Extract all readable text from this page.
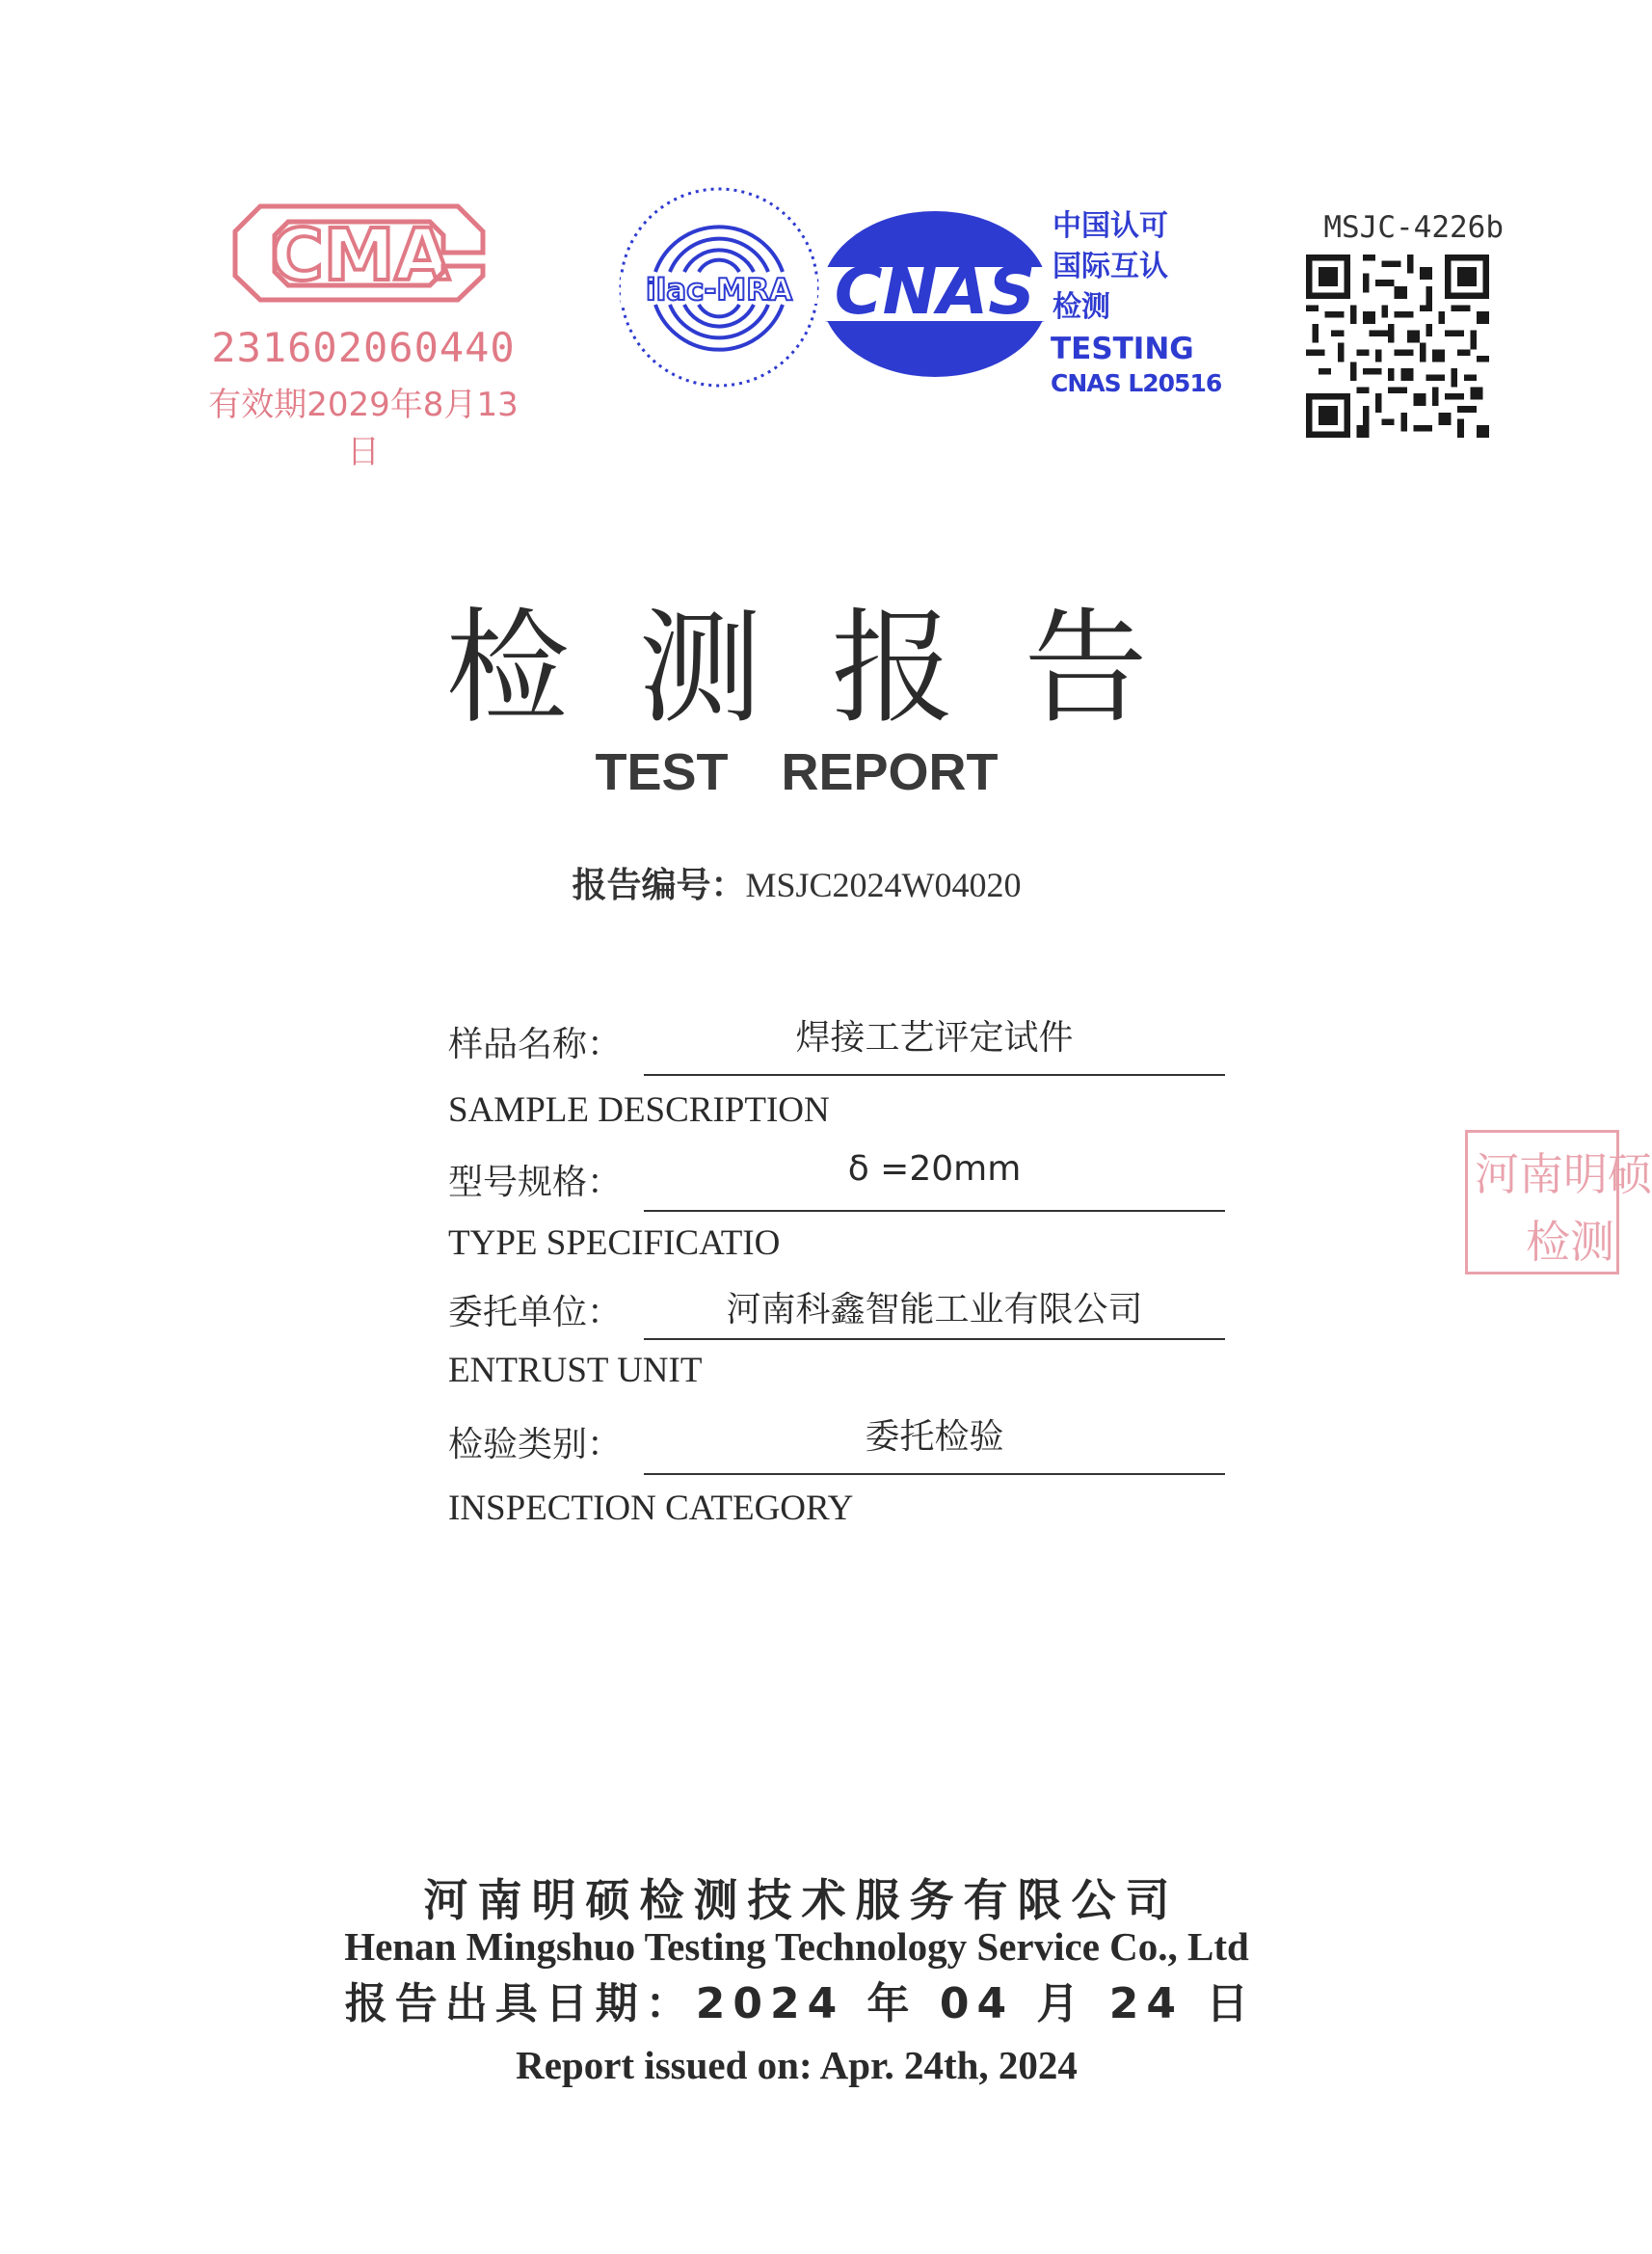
CMA
231602060440
有效期2029年8月13日
ilac-MRA CNAS
中国认可
国际互认
检测
TESTING
CNAS L20516
MSJC-4226b
检测报告
TEST REPORT
报告编号：MSJC2024W04020
样品名称：	焊接工艺评定试件
SAMPLE DESCRIPTION
型号规格：	δ =20mm
TYPE SPECIFICATIO
委托单位：	河南科鑫智能工业有限公司
ENTRUST UNIT
检验类别：	委托检验
INSPECTION CATEGORY
河南明硕
检测
河南明硕检测技术服务有限公司
Henan Mingshuo Testing Technology Service Co., Ltd
报告出具日期：2024 年 04 月 24 日
Report issued on: Apr. 24th, 2024
